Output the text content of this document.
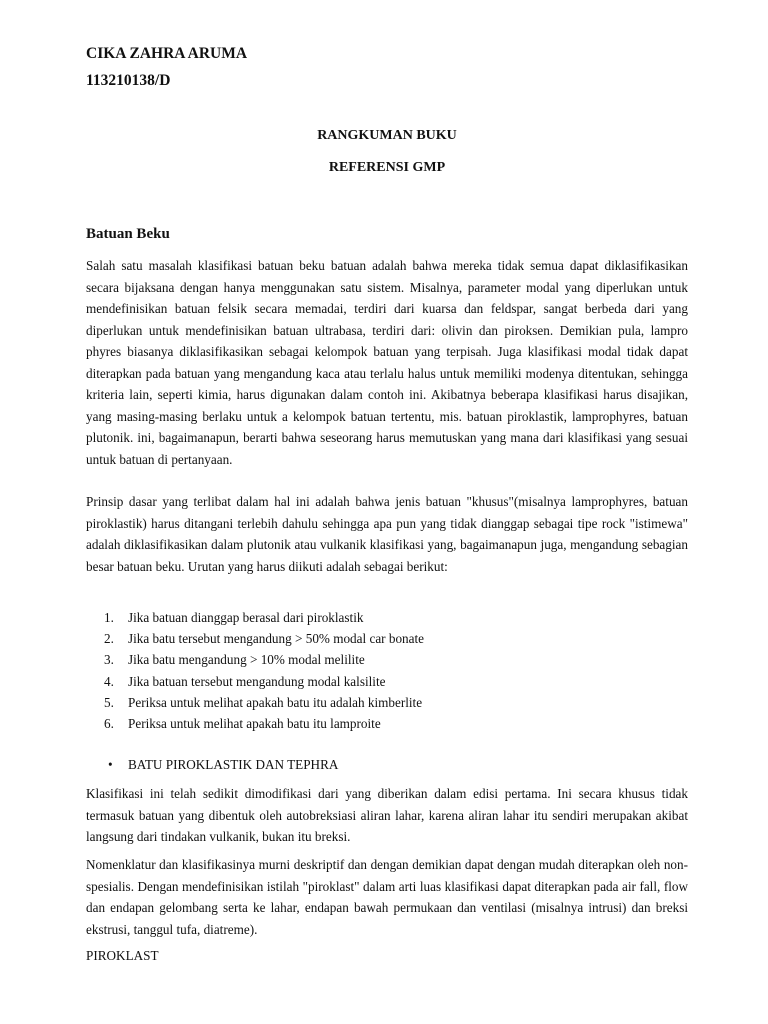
CIKA ZAHRA ARUMA
113210138/D
RANGKUMAN BUKU
REFERENSI GMP
Batuan Beku

Salah satu masalah klasifikasi batuan beku batuan adalah bahwa mereka tidak semua dapat diklasifikasikan secara bijaksana dengan hanya menggunakan satu sistem. Misalnya, parameter modal yang diperlukan untuk mendefinisikan batuan felsik secara memadai, terdiri dari kuarsa dan feldspar, sangat berbeda dari yang diperlukan untuk mendefinisikan batuan ultrabasa, terdiri dari: olivin dan piroksen. Demikian pula, lampro phyres biasanya diklasifikasikan sebagai kelompok batuan yang terpisah. Juga klasifikasi modal tidak dapat diterapkan pada batuan yang mengandung kaca atau terlalu halus untuk memiliki modenya ditentukan, sehingga kriteria lain, seperti kimia, harus digunakan dalam contoh ini. Akibatnya beberapa klasifikasi harus disajikan, yang masing-masing berlaku untuk a kelompok batuan tertentu, mis. batuan piroklastik, lamprophyres, batuan plutonik. ini, bagaimanapun, berarti bahwa seseorang harus memutuskan yang mana dari klasifikasi yang sesuai untuk batuan di pertanyaan.

Prinsip dasar yang terlibat dalam hal ini adalah bahwa jenis batuan "khusus"(misalnya lamprophyres, batuan piroklastik) harus ditangani terlebih dahulu sehingga apa pun yang tidak dianggap sebagai tipe rock "istimewa" adalah diklasifikasikan dalam plutonik atau vulkanik klasifikasi yang, bagaimanapun juga, mengandung sebagian besar batuan beku. Urutan yang harus diikuti adalah sebagai berikut:

1. Jika batuan dianggap berasal dari piroklastik
2. Jika batu tersebut mengandung > 50% modal car bonate
3. Jika batu mengandung > 10% modal melilite
4. Jika batuan tersebut mengandung modal kalsilite
5. Periksa untuk melihat apakah batu itu adalah kimberlite
6. Periksa untuk melihat apakah batu itu lamproite
• BATU PIROKLASTIK DAN TEPHRA

Klasifikasi ini telah sedikit dimodifikasi dari yang diberikan dalam edisi pertama. Ini secara khusus tidak termasuk batuan yang dibentuk oleh autobreksiasi aliran lahar, karena aliran lahar itu sendiri merupakan akibat langsung dari tindakan vulkanik, bukan itu breksi.

Nomenklatur dan klasifikasinya murni deskriptif dan dengan demikian dapat dengan mudah diterapkan oleh non-spesialis. Dengan mendefinisikan istilah "piroklast" dalam arti luas klasifikasi dapat diterapkan pada air fall, flow dan endapan gelombang serta ke lahar, endapan bawah permukaan dan ventilasi (misalnya intrusi) dan breksi ekstrusi, tanggul tufa, diatreme).

PIROKLAST
